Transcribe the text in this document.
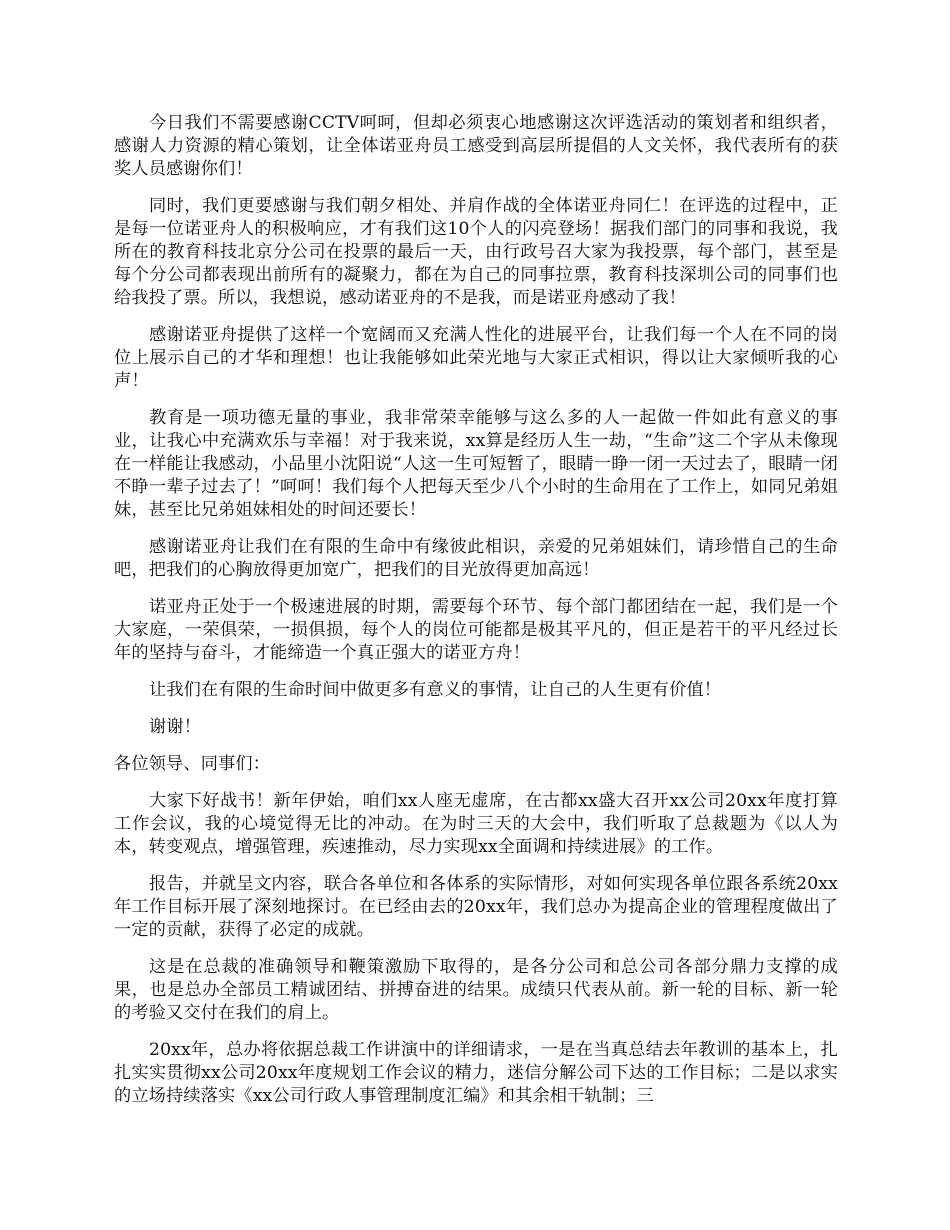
今日我们不需要感谢CCTV呵呵，但却必须衷心地感谢这次评选活动的策划者和组织者，感谢人力资源的精心策划，让全体诺亚舟员工感受到高层所提倡的人文关怀，我代表所有的获奖人员感谢你们！

同时，我们更要感谢与我们朝夕相处、并肩作战的全体诺亚舟同仁！在评选的过程中，正是每一位诺亚舟人的积极响应，才有我们这10个人的闪亮登场！据我们部门的同事和我说，我所在的教育科技北京分公司在投票的最后一天，由行政号召大家为我投票，每个部门，甚至是每个分公司都表现出前所有的凝聚力，都在为自己的同事拉票，教育科技深圳公司的同事们也给我投了票。所以，我想说，感动诺亚舟的不是我，而是诺亚舟感动了我！

感谢诺亚舟提供了这样一个宽阔而又充满人性化的进展平台，让我们每一个人在不同的岗位上展示自己的才华和理想！也让我能够如此荣光地与大家正式相识，得以让大家倾听我的心声！

教育是一项功德无量的事业，我非常荣幸能够与这么多的人一起做一件如此有意义的事业，让我心中充满欢乐与幸福！对于我来说，xx算是经历人生一劫，“生命”这二个字从未像现在一样能让我感动，小品里小沈阳说“人这一生可短暂了，眼睛一睁一闭一天过去了，眼睛一闭不睁一辈子过去了！”呵呵！我们每个人把每天至少八个小时的生命用在了工作上，如同兄弟姐妹，甚至比兄弟姐妹相处的时间还要长！

感谢诺亚舟让我们在有限的生命中有缘彼此相识，亲爱的兄弟姐妹们，请珍惜自己的生命吧，把我们的心胸放得更加宽广，把我们的目光放得更加高远！

诺亚舟正处于一个极速进展的时期，需要每个环节、每个部门都团结在一起，我们是一个大家庭，一荣俱荣，一损俱损，每个人的岗位可能都是极其平凡的，但正是若干的平凡经过长年的坚持与奋斗，才能缔造一个真正强大的诺亚方舟！

让我们在有限的生命时间中做更多有意义的事情，让自己的人生更有价值！

谢谢！

各位领导、同事们：

大家下好战书！新年伊始，咱们xx人座无虚席，在古都xx盛大召开xx公司20xx年度打算工作会议，我的心境觉得无比的冲动。在为时三天的大会中，我们听取了总裁题为《以人为本，转变观点，增强管理，疾速推动，尽力实现xx全面调和持续进展》的工作。

报告，并就呈文内容，联合各单位和各体系的实际情形，对如何实现各单位跟各系统20xx年工作目标开展了深刻地探讨。在已经由去的20xx年，我们总办为提高企业的管理程度做出了一定的贡献，获得了必定的成就。

这是在总裁的准确领导和鞭策激励下取得的，是各分公司和总公司各部分鼎力支撑的成果，也是总办全部员工精诚团结、拼搏奋进的结果。成绩只代表从前。新一轮的目标、新一轮的考验又交付在我们的肩上。

20xx年，总办将依据总裁工作讲演中的详细请求，一是在当真总结去年教训的基本上，扎扎实实贯彻xx公司20xx年度规划工作会议的精力，迷信分解公司下达的工作目标；二是以求实的立场持续落实《xx公司行政人事管理制度汇编》和其余相干轨制；三
